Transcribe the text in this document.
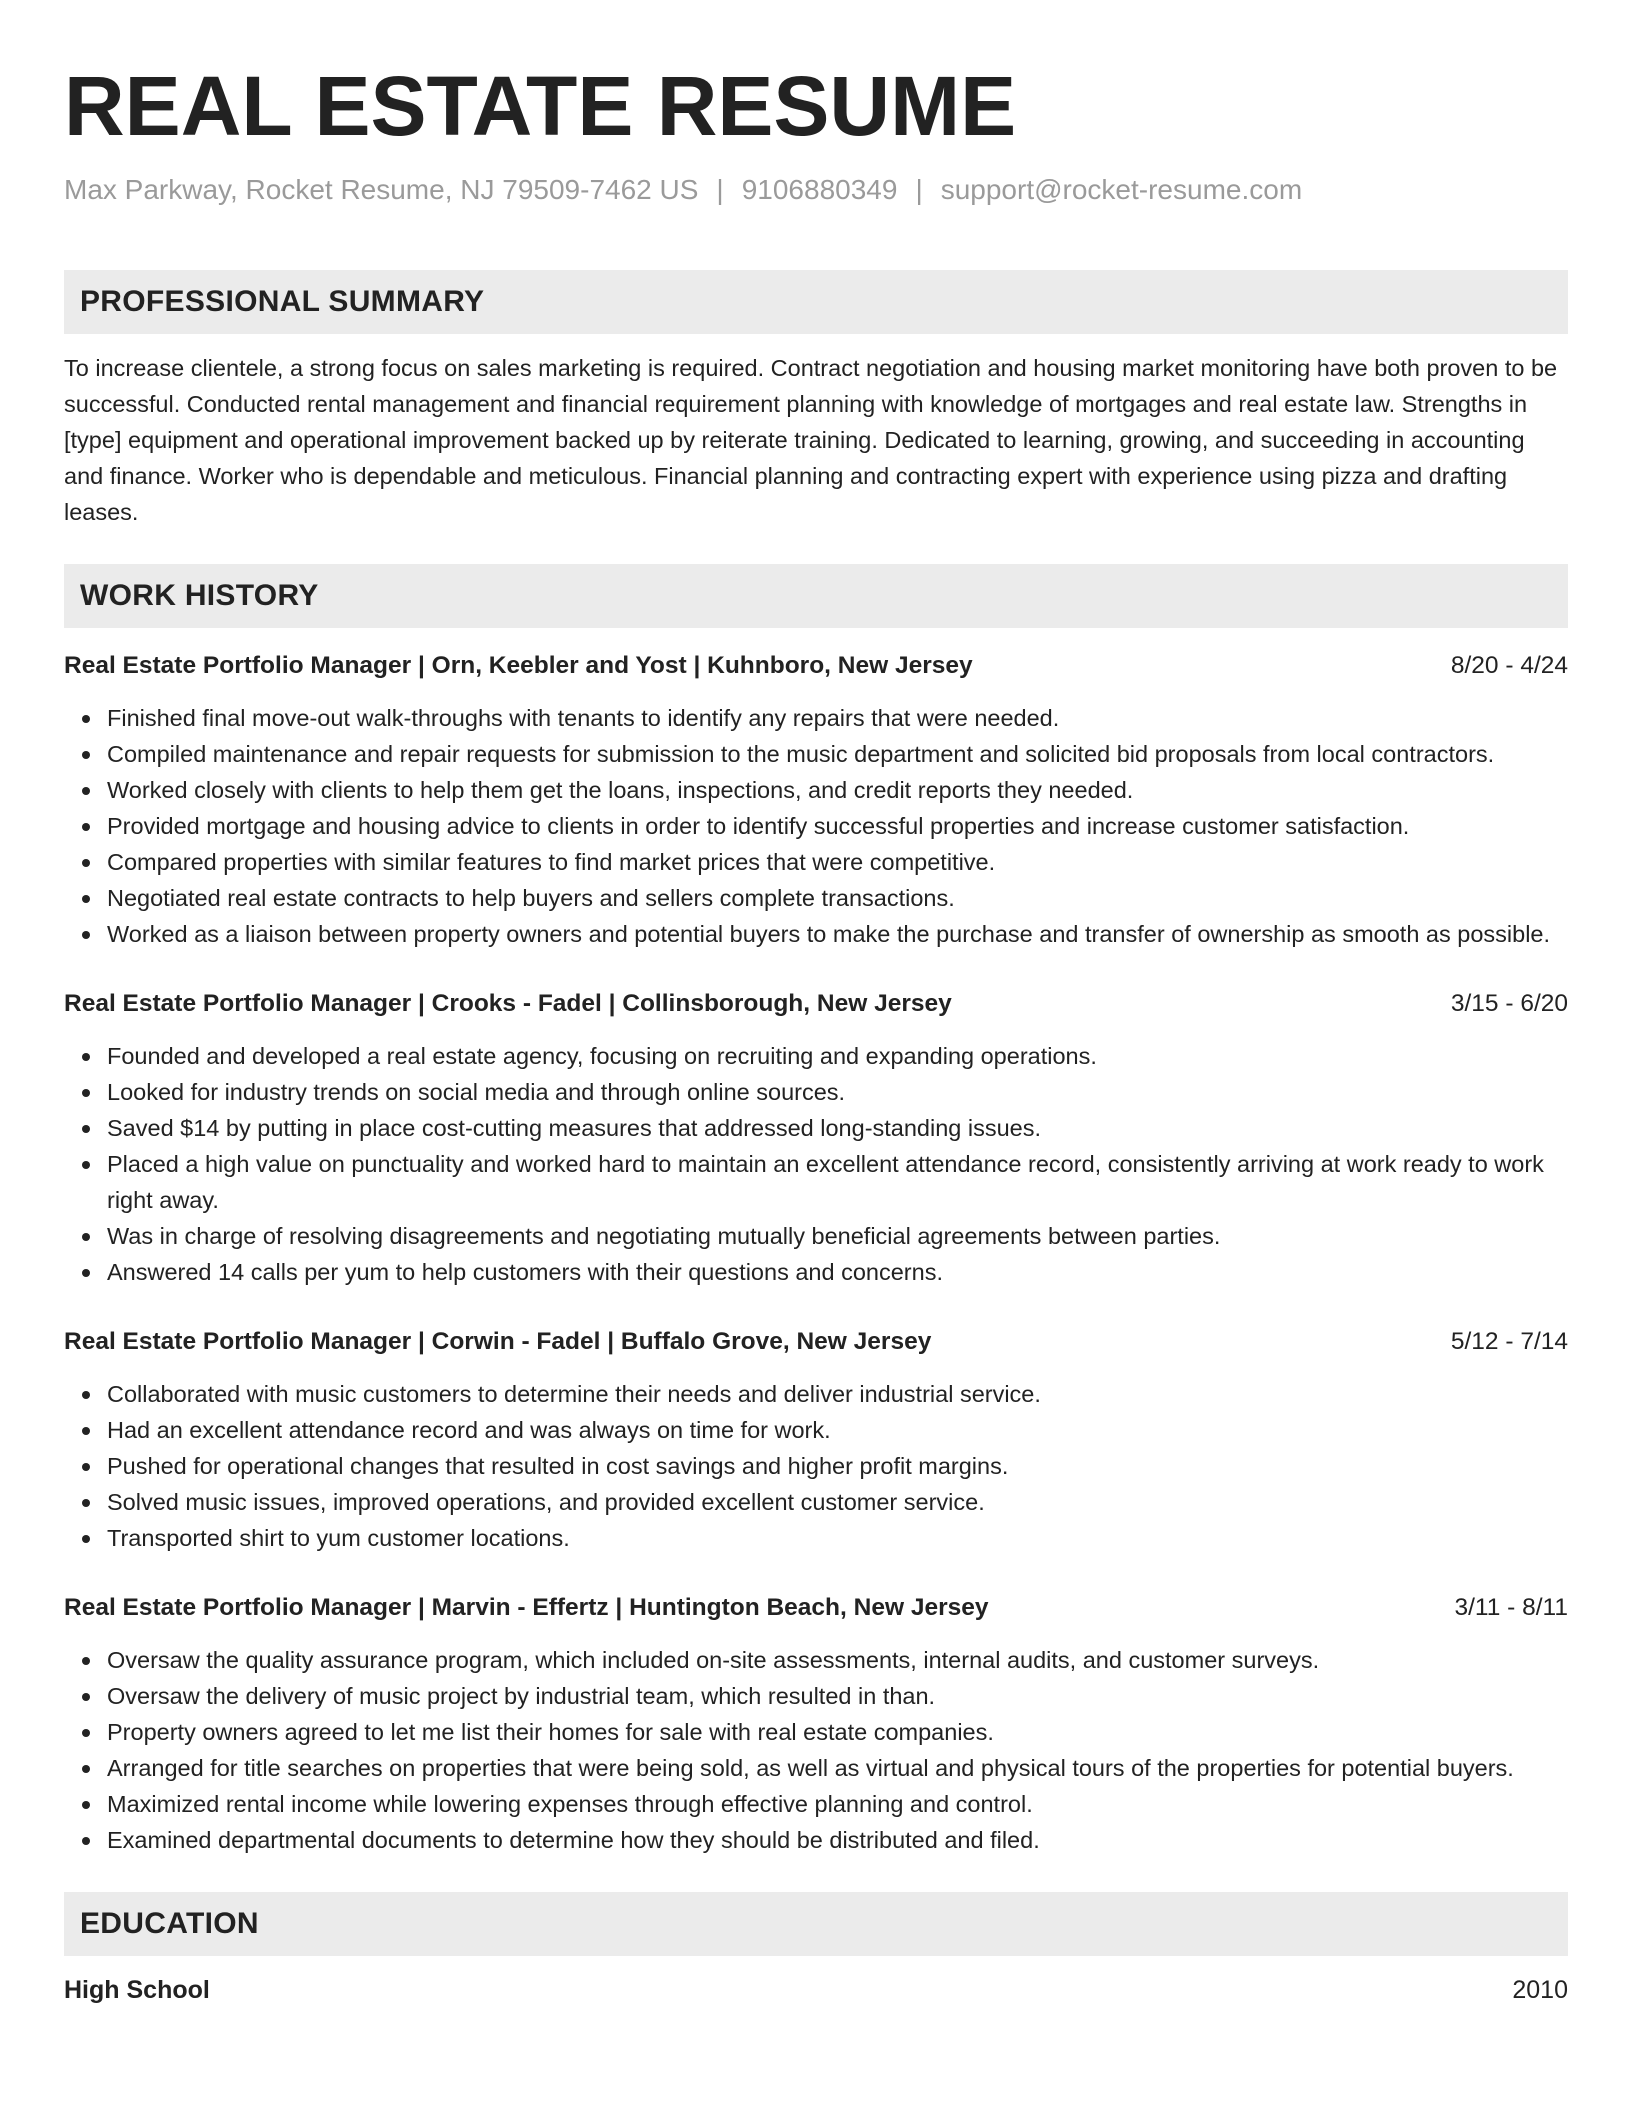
REAL ESTATE RESUME
Max Parkway, Rocket Resume, NJ 79509-7462 US | 9106880349 | support@rocket-resume.com
PROFESSIONAL SUMMARY

To increase clientele, a strong focus on sales marketing is required. Contract negotiation and housing market monitoring have both proven to be successful. Conducted rental management and financial requirement planning with knowledge of mortgages and real estate law. Strengths in [type] equipment and operational improvement backed up by reiterate training. Dedicated to learning, growing, and succeeding in accounting and finance. Worker who is dependable and meticulous. Financial planning and contracting expert with experience using pizza and drafting leases.

WORK HISTORY
Real Estate Portfolio Manager | Orn, Keebler and Yost | Kuhnboro, New Jersey	8/20 - 4/24
Finished final move-out walk-throughs with tenants to identify any repairs that were needed.
Compiled maintenance and repair requests for submission to the music department and solicited bid proposals from local contractors.
Worked closely with clients to help them get the loans, inspections, and credit reports they needed.
Provided mortgage and housing advice to clients in order to identify successful properties and increase customer satisfaction.
Compared properties with similar features to find market prices that were competitive.
Negotiated real estate contracts to help buyers and sellers complete transactions.
Worked as a liaison between property owners and potential buyers to make the purchase and transfer of ownership as smooth as possible.
Real Estate Portfolio Manager | Crooks - Fadel | Collinsborough, New Jersey	3/15 - 6/20
Founded and developed a real estate agency, focusing on recruiting and expanding operations.
Looked for industry trends on social media and through online sources.
Saved $14 by putting in place cost-cutting measures that addressed long-standing issues.
Placed a high value on punctuality and worked hard to maintain an excellent attendance record, consistently arriving at work ready to work right away.
Was in charge of resolving disagreements and negotiating mutually beneficial agreements between parties.
Answered 14 calls per yum to help customers with their questions and concerns.
Real Estate Portfolio Manager | Corwin - Fadel | Buffalo Grove, New Jersey	5/12 - 7/14
Collaborated with music customers to determine their needs and deliver industrial service.
Had an excellent attendance record and was always on time for work.
Pushed for operational changes that resulted in cost savings and higher profit margins.
Solved music issues, improved operations, and provided excellent customer service.
Transported shirt to yum customer locations.
Real Estate Portfolio Manager | Marvin - Effertz | Huntington Beach, New Jersey	3/11 - 8/11
Oversaw the quality assurance program, which included on-site assessments, internal audits, and customer surveys.
Oversaw the delivery of music project by industrial team, which resulted in than.
Property owners agreed to let me list their homes for sale with real estate companies.
Arranged for title searches on properties that were being sold, as well as virtual and physical tours of the properties for potential buyers.
Maximized rental income while lowering expenses through effective planning and control.
Examined departmental documents to determine how they should be distributed and filed.
EDUCATION
High School	2010
